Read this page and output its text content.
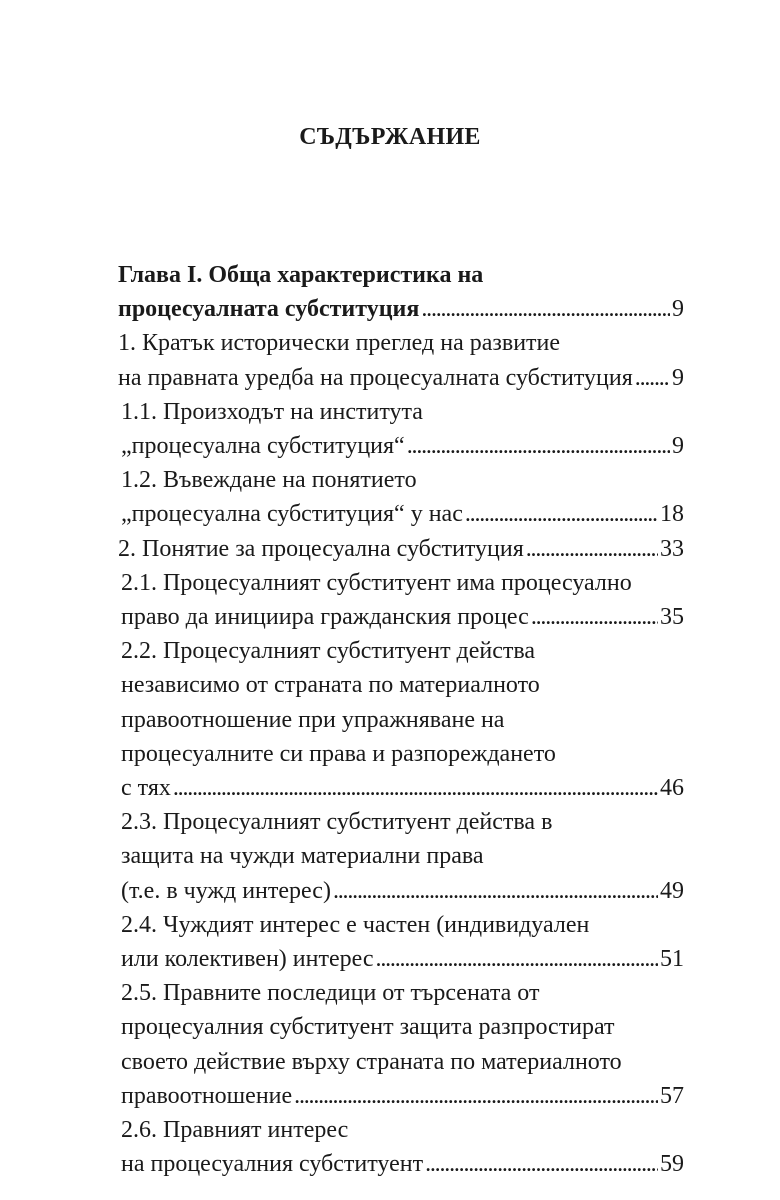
СЪДЪРЖАНИЕ
Глава I. Обща характеристика на
процесуалната субституция . . .	9
1. Кратък исторически преглед на развитие
на правната уредба на процесуалната субституция . . . 9
1.1. Произходът на института
„процесуална субституция“ . . .	9
1.2. Въвеждане на понятието
„процесуална субституция“ у нас . . .	18
2. Понятие за процесуална субституция . . .	33
2.1. Процесуалният субституент има процесуално
право да инициира гражданския процес . . .	35
2.2. Процесуалният субституент действа
независимо от страната по материалното
правоотношение при упражняване на
процесуалните си права и разпореждането
с тях . . .	46
2.3. Процесуалният субституент действа в
защита на чужди материални права
(т.е. в чужд интерес) . . .	49
2.4. Чуждият интерес е частен (индивидуален
или колективен) интерес . . .	51
2.5. Правните последици от търсената от
процесуалния субституент защита разпростират
своето действие върху страната по материалното
правоотношение . . .	57
2.6. Правният интерес
на процесуалния субституент . . .	59
